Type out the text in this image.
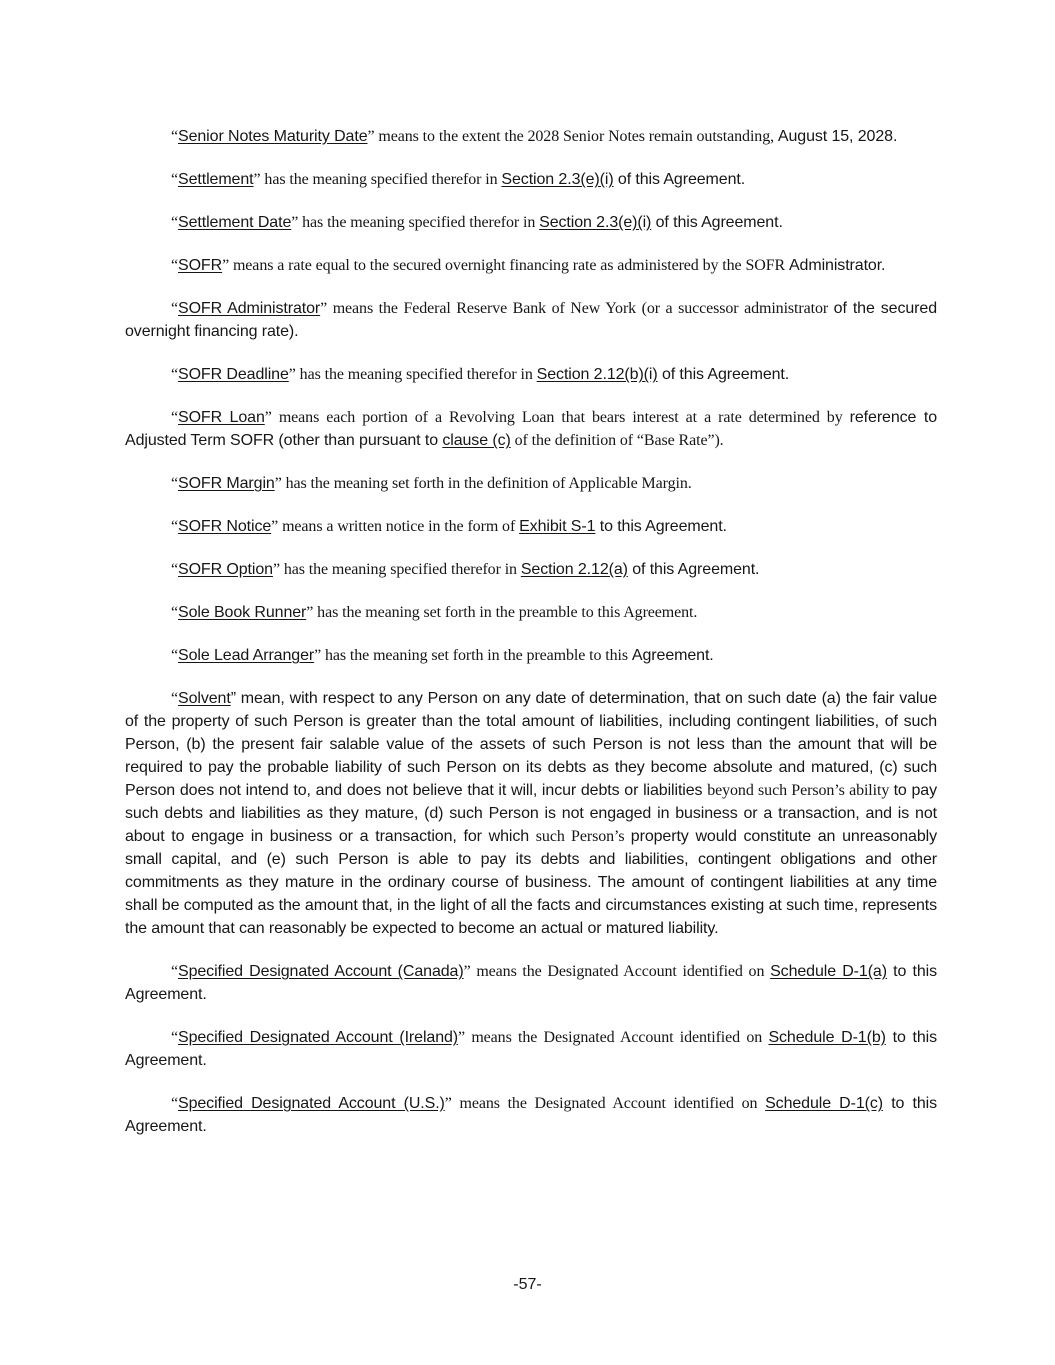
“Senior Notes Maturity Date” means to the extent the 2028 Senior Notes remain outstanding, August 15, 2028.

“Settlement” has the meaning specified therefor in Section 2.3(e)(i) of this Agreement.

“Settlement Date” has the meaning specified therefor in Section 2.3(e)(i) of this Agreement.

“SOFR” means a rate equal to the secured overnight financing rate as administered by the SOFR Administrator.

“SOFR Administrator” means the Federal Reserve Bank of New York (or a successor administrator of the secured overnight financing rate).

“SOFR Deadline” has the meaning specified therefor in Section 2.12(b)(i) of this Agreement.

“SOFR Loan” means each portion of a Revolving Loan that bears interest at a rate determined by reference to Adjusted Term SOFR (other than pursuant to clause (c) of the definition of “Base Rate”).

“SOFR Margin” has the meaning set forth in the definition of Applicable Margin.

“SOFR Notice” means a written notice in the form of Exhibit S-1 to this Agreement.

“SOFR Option” has the meaning specified therefor in Section 2.12(a) of this Agreement.

“Sole Book Runner” has the meaning set forth in the preamble to this Agreement.

“Sole Lead Arranger” has the meaning set forth in the preamble to this Agreement.

“Solvent” mean, with respect to any Person on any date of determination, that on such date (a) the fair value of the property of such Person is greater than the total amount of liabilities, including contingent liabilities, of such Person, (b) the present fair salable value of the assets of such Person is not less than the amount that will be required to pay the probable liability of such Person on its debts as they become absolute and matured, (c) such Person does not intend to, and does not believe that it will, incur debts or liabilities beyond such Person’s ability to pay such debts and liabilities as they mature, (d) such Person is not engaged in business or a transaction, and is not about to engage in business or a transaction, for which such Person’s property would constitute an unreasonably small capital, and (e) such Person is able to pay its debts and liabilities, contingent obligations and other commitments as they mature in the ordinary course of business. The amount of contingent liabilities at any time shall be computed as the amount that, in the light of all the facts and circumstances existing at such time, represents the amount that can reasonably be expected to become an actual or matured liability.

“Specified Designated Account (Canada)” means the Designated Account identified on Schedule D-1(a) to this Agreement.

“Specified Designated Account (Ireland)” means the Designated Account identified on Schedule D-1(b) to this Agreement.

“Specified Designated Account (U.S.)” means the Designated Account identified on Schedule D-1(c) to this Agreement.

-57-
